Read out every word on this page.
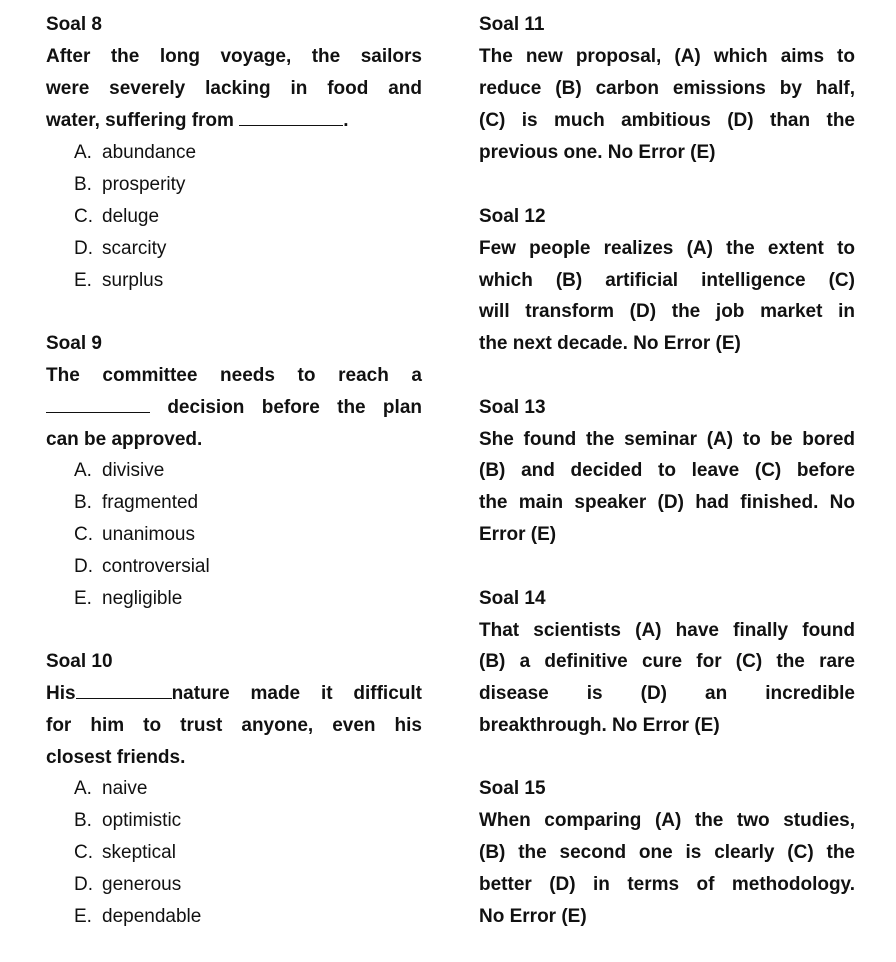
Soal 8
After the long voyage, the sailors
were severely lacking in food and
water, suffering from	.
A. abundance
B. prosperity
C. deluge
D. scarcity
E. surplus
Soal 9
The committee needs to reach a
decision before the plan
can be approved.
A. divisive
B. fragmented
C. unanimous
D. controversial
E. negligible
Soal 10
His	nature made it difficult
for him to trust anyone, even his
closest friends.
A. naive
B. optimistic
C. skeptical
D. generous
E. dependable
Soal 11
The new proposal, (A) which aims to
reduce (B) carbon emissions by half,
(C) is much ambitious (D) than the
previous one. No Error (E)
Soal 12
Few people realizes (A) the extent to
which (B) artificial intelligence (C)
will transform (D) the job market in
the next decade. No Error (E)
Soal 13
She found the seminar (A) to be bored
(B) and decided to leave (C) before
the main speaker (D) had finished. No
Error (E)
Soal 14
That scientists (A) have finally found
(B) a definitive cure for (C) the rare
disease is (D) an incredible
breakthrough. No Error (E)
Soal 15
When comparing (A) the two studies,
(B) the second one is clearly (C) the
better (D) in terms of methodology.
No Error (E)
